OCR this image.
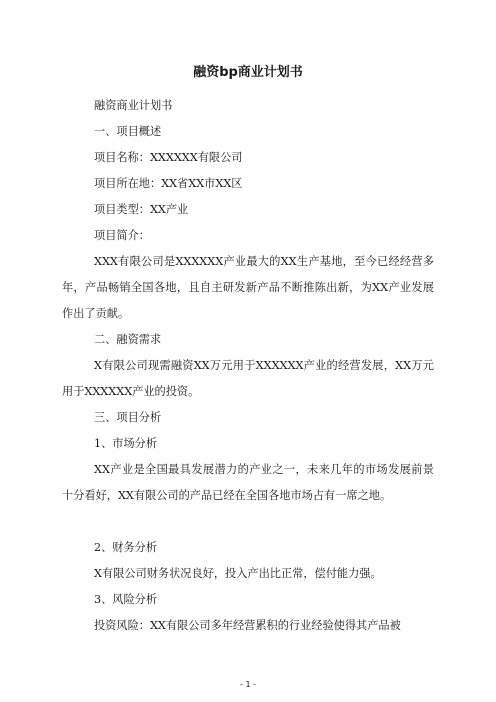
融资bp商业计划书
融资商业计划书
一、项目概述
项目名称：XXXXXX有限公司
项目所在地：XX省XX市XX区
项目类型：XX产业
项目简介：

XXX有限公司是XXXXXX产业最大的XX生产基地，至今已经经营多年，产品畅销全国各地，且自主研发新产品不断推陈出新，为XX产业发展作出了贡献。

二、融资需求

X有限公司现需融资XX万元用于XXXXXX产业的经营发展，XX万元用于XXXXXX产业的投资。

三、项目分析
1、市场分析

XX产业是全国最具发展潜力的产业之一，未来几年的市场发展前景十分看好，XX有限公司的产品已经在全国各地市场占有一席之地。

2、财务分析
X有限公司财务状况良好，投入产出比正常，偿付能力强。
3、风险分析
投资风险：XX有限公司多年经营累积的行业经验使得其产品被
- 1 -
